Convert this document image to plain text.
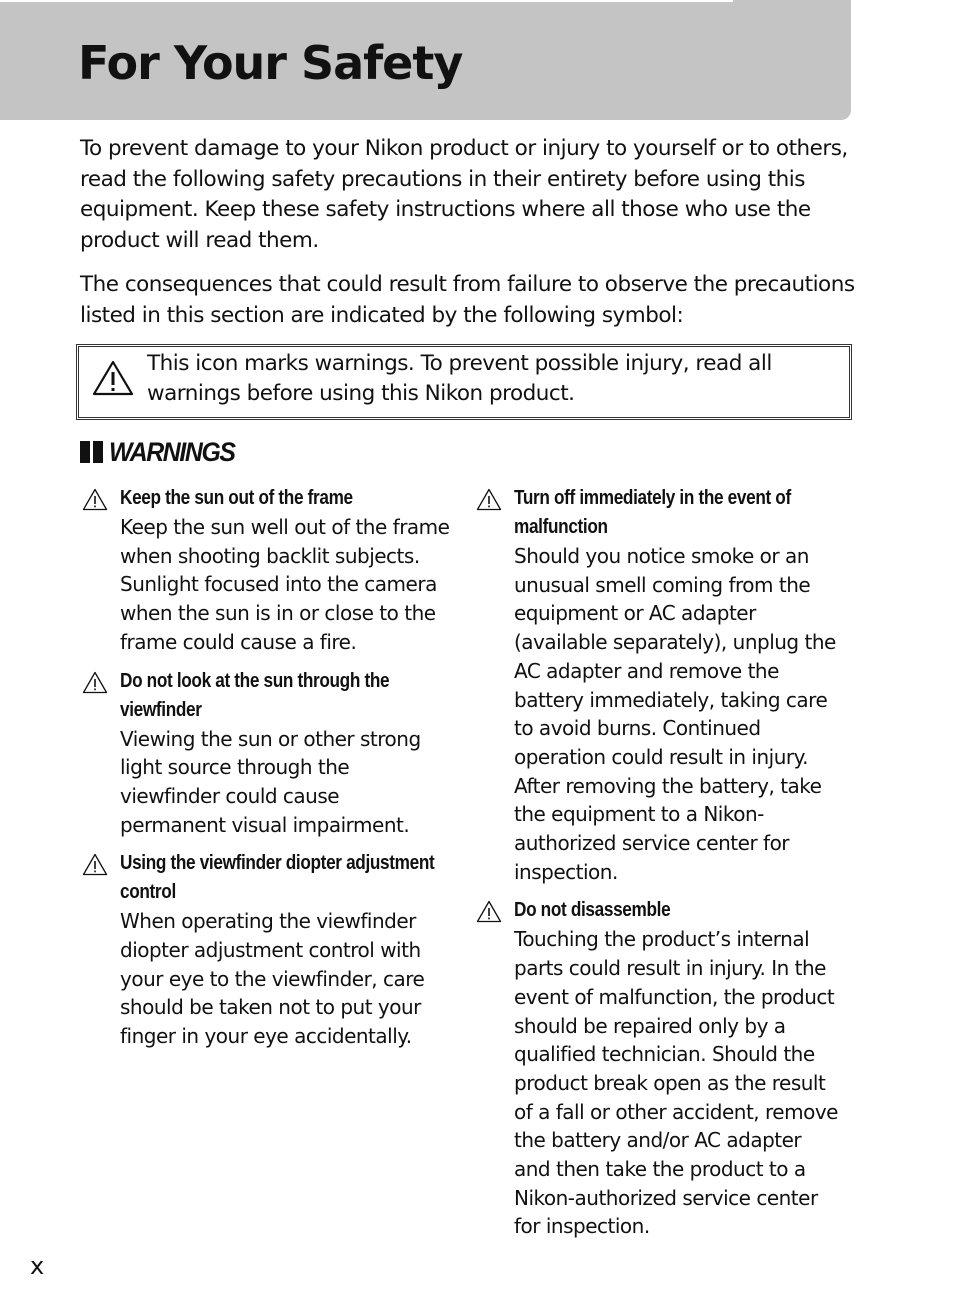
For Your Safety

To prevent damage to your Nikon product or injury to yourself or to others, read the following safety precautions in their entirety before using this equipment. Keep these safety instructions where all those who use the product will read them.

The consequences that could result from failure to observe the precautions listed in this section are indicated by the following symbol:

This icon marks warnings. To prevent possible injury, read all warnings before using this Nikon product.
WARNINGS
Keep the sun out of the frame
Keep the sun well out of the frame
when shooting backlit subjects.
Sunlight focused into the camera
when the sun is in or close to the
frame could cause a fire.
Do not look at the sun through the
viewfinder
Viewing the sun or other strong
light source through the
viewfinder could cause
permanent visual impairment.
Using the viewfinder diopter adjustment
control
When operating the viewfinder
diopter adjustment control with
your eye to the viewfinder, care
should be taken not to put your
finger in your eye accidentally.
Turn off immediately in the event of
malfunction
Should you notice smoke or an
unusual smell coming from the
equipment or AC adapter
(available separately), unplug the
AC adapter and remove the
battery immediately, taking care
to avoid burns. Continued
operation could result in injury.
After removing the battery, take
the equipment to a Nikon-
authorized service center for
inspection.
Do not disassemble
Touching the product’s internal
parts could result in injury. In the
event of malfunction, the product
should be repaired only by a
qualified technician. Should the
product break open as the result
of a fall or other accident, remove
the battery and/or AC adapter
and then take the product to a
Nikon-authorized service center
for inspection.
x
